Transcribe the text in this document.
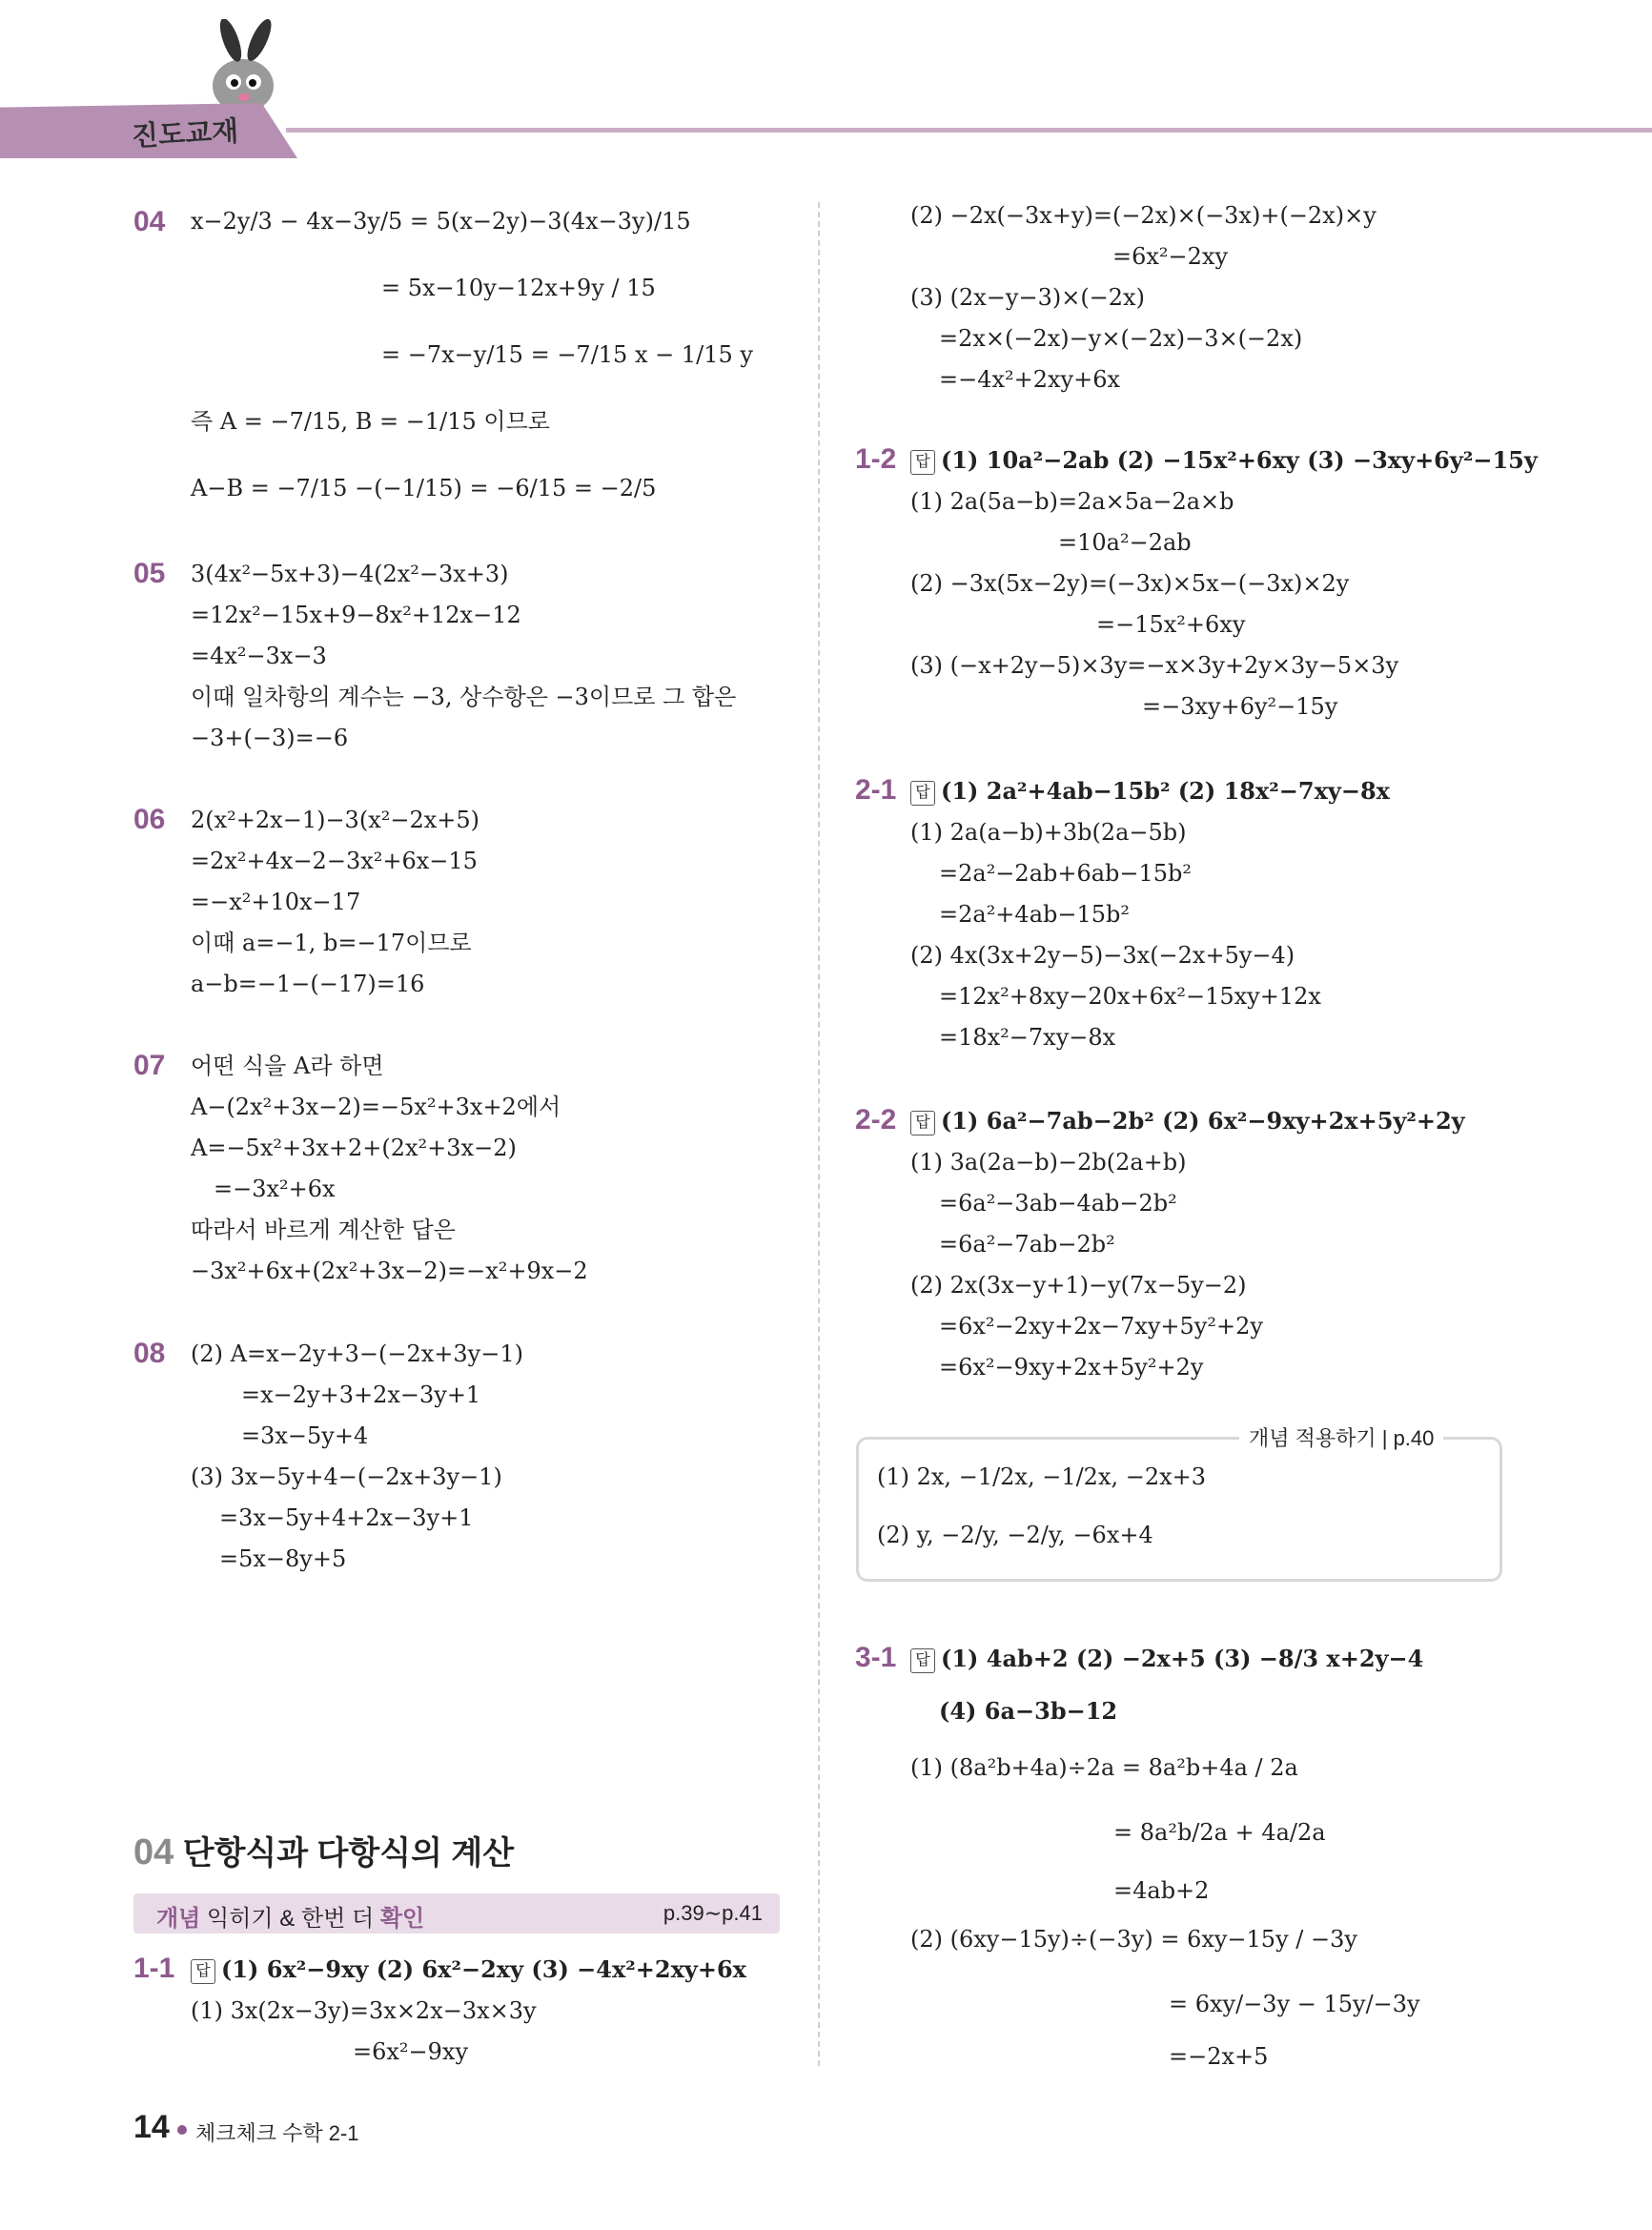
진도교재
04 x−2y/3 − 4x−3y/5 = 5(x−2y)−3(4x−3y)/15
= 5x−10y−12x+9y / 15
= −7x−y/15 = −7/15 x − 1/15 y
즉 A = −7/15, B = −1/15 이므로
A−B = −7/15 −(−1/15) = −6/15 = −2/5
05 3(4x²−5x+3)−4(2x²−3x+3)
=12x²−15x+9−8x²+12x−12
=4x²−3x−3
이때 일차항의 계수는 −3, 상수항은 −3이므로 그 합은
−3+(−3)=−6
06 2(x²+2x−1)−3(x²−2x+5)
=2x²+4x−2−3x²+6x−15
=−x²+10x−17
이때 a=−1, b=−17이므로
a−b=−1−(−17)=16
07 어떤 식을 A라 하면
A−(2x²+3x−2)=−5x²+3x+2에서
A=−5x²+3x+2+(2x²+3x−2)
=−3x²+6x
따라서 바르게 계산한 답은
−3x²+6x+(2x²+3x−2)=−x²+9x−2
08 (2) A=x−2y+3−(−2x+3y−1)
=x−2y+3+2x−3y+1
=3x−5y+4
(3) 3x−5y+4−(−2x+3y−1)
=3x−5y+4+2x−3y+1
=5x−8y+5
04 단항식과 다항식의 계산
개념 익히기 & 한번 더 확인	p.39∼p.41
1-1	답 (1) 6x²−9xy (2) 6x²−2xy (3) −4x²+2xy+6x
(1) 3x(2x−3y)=3x×2x−3x×3y
=6x²−9xy
(2) −2x(−3x+y)=(−2x)×(−3x)+(−2x)×y
=6x²−2xy
(3) (2x−y−3)×(−2x)
=2x×(−2x)−y×(−2x)−3×(−2x)
=−4x²+2xy+6x
1-2	답 (1) 10a²−2ab (2) −15x²+6xy (3) −3xy+6y²−15y
(1) 2a(5a−b)=2a×5a−2a×b
=10a²−2ab
(2) −3x(5x−2y)=(−3x)×5x−(−3x)×2y
=−15x²+6xy
(3) (−x+2y−5)×3y=−x×3y+2y×3y−5×3y
=−3xy+6y²−15y
2-1	답 (1) 2a²+4ab−15b² (2) 18x²−7xy−8x
(1) 2a(a−b)+3b(2a−5b)
=2a²−2ab+6ab−15b²
=2a²+4ab−15b²
(2) 4x(3x+2y−5)−3x(−2x+5y−4)
=12x²+8xy−20x+6x²−15xy+12x
=18x²−7xy−8x
2-2	답 (1) 6a²−7ab−2b² (2) 6x²−9xy+2x+5y²+2y
(1) 3a(2a−b)−2b(2a+b)
=6a²−3ab−4ab−2b²
=6a²−7ab−2b²
(2) 2x(3x−y+1)−y(7x−5y−2)
=6x²−2xy+2x−7xy+5y²+2y
=6x²−9xy+2x+5y²+2y
개념 적용하기 | p.40
(1) 2x, −1/2x, −1/2x, −2x+3
(2) y, −2/y, −2/y, −6x+4
3-1	답 (1) 4ab+2 (2) −2x+5 (3) −8/3 x+2y−4
(4) 6a−3b−12
(1) (8a²b+4a)÷2a = 8a²b+4a / 2a
= 8a²b/2a + 4a/2a
=4ab+2
(2) (6xy−15y)÷(−3y) = 6xy−15y / −3y
= 6xy/−3y − 15y/−3y
=−2x+5
14 체크체크 수학 2-1
